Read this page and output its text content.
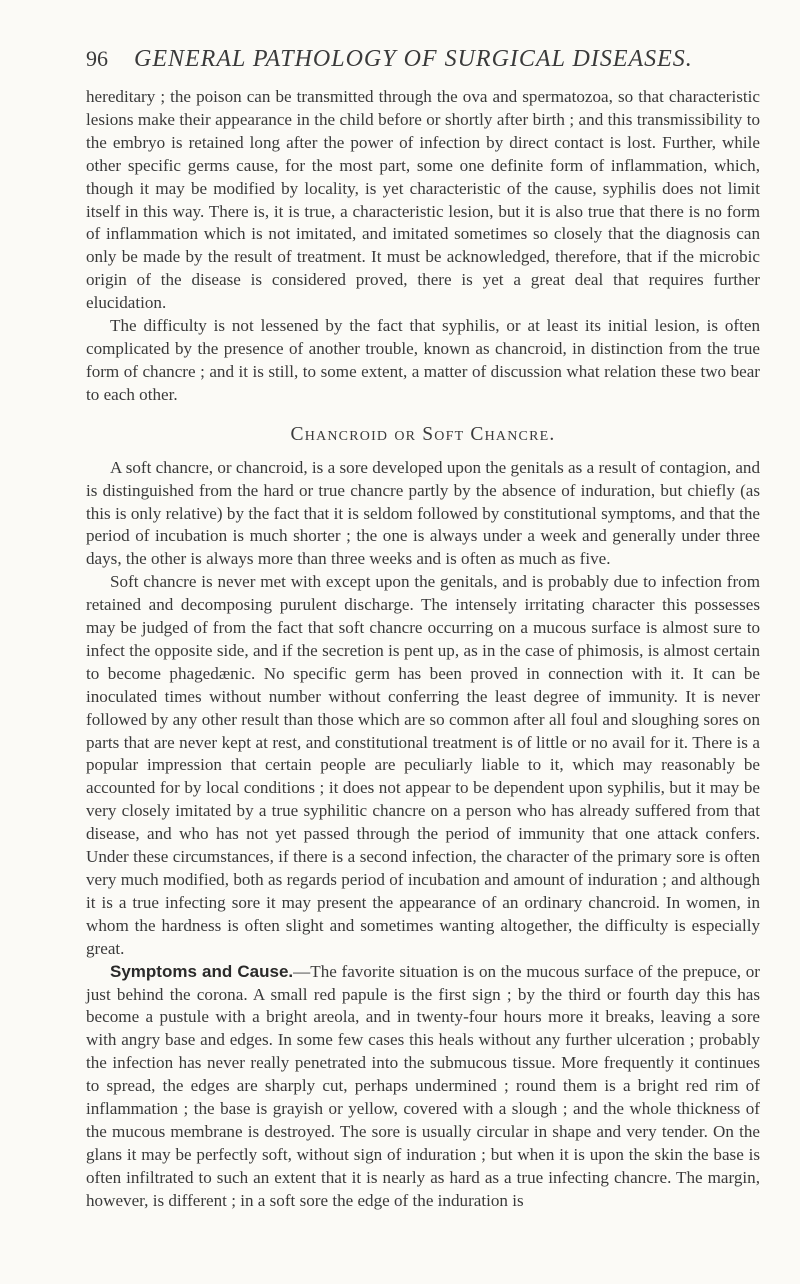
96	GENERAL PATHOLOGY OF SURGICAL DISEASES.

hereditary ; the poison can be transmitted through the ova and spermatozoa, so that characteristic lesions make their appearance in the child before or shortly after birth ; and this transmissibility to the embryo is retained long after the power of infection by direct contact is lost. Further, while other specific germs cause, for the most part, some one definite form of inflammation, which, though it may be modified by locality, is yet characteristic of the cause, syphilis does not limit itself in this way. There is, it is true, a characteristic lesion, but it is also true that there is no form of inflammation which is not imitated, and imitated sometimes so closely that the diagnosis can only be made by the result of treatment. It must be acknowledged, therefore, that if the microbic origin of the disease is considered proved, there is yet a great deal that requires further elucidation.

The difficulty is not lessened by the fact that syphilis, or at least its initial lesion, is often complicated by the presence of another trouble, known as chancroid, in distinction from the true form of chancre ; and it is still, to some extent, a matter of discussion what relation these two bear to each other.

Chancroid or Soft Chancre.

A soft chancre, or chancroid, is a sore developed upon the genitals as a result of contagion, and is distinguished from the hard or true chancre partly by the absence of induration, but chiefly (as this is only relative) by the fact that it is seldom followed by constitutional symptoms, and that the period of incubation is much shorter ; the one is always under a week and generally under three days, the other is always more than three weeks and is often as much as five.

Soft chancre is never met with except upon the genitals, and is probably due to infection from retained and decomposing purulent discharge. The intensely irritating character this possesses may be judged of from the fact that soft chancre occurring on a mucous surface is almost sure to infect the opposite side, and if the secretion is pent up, as in the case of phimosis, is almost certain to become phagedænic. No specific germ has been proved in connection with it. It can be inoculated times without number without conferring the least degree of immunity. It is never followed by any other result than those which are so common after all foul and sloughing sores on parts that are never kept at rest, and constitutional treatment is of little or no avail for it. There is a popular impression that certain people are peculiarly liable to it, which may reasonably be accounted for by local conditions ; it does not appear to be dependent upon syphilis, but it may be very closely imitated by a true syphilitic chancre on a person who has already suffered from that disease, and who has not yet passed through the period of immunity that one attack confers. Under these circumstances, if there is a second infection, the character of the primary sore is often very much modified, both as regards period of incubation and amount of induration ; and although it is a true infecting sore it may present the appearance of an ordinary chancroid. In women, in whom the hardness is often slight and sometimes wanting altogether, the difficulty is especially great.

Symptoms and Cause.—The favorite situation is on the mucous surface of the prepuce, or just behind the corona. A small red papule is the first sign ; by the third or fourth day this has become a pustule with a bright areola, and in twenty-four hours more it breaks, leaving a sore with angry base and edges. In some few cases this heals without any further ulceration ; probably the infection has never really penetrated into the submucous tissue. More frequently it continues to spread, the edges are sharply cut, perhaps undermined ; round them is a bright red rim of inflammation ; the base is grayish or yellow, covered with a slough ; and the whole thickness of the mucous membrane is destroyed. The sore is usually circular in shape and very tender. On the glans it may be perfectly soft, without sign of induration ; but when it is upon the skin the base is often infiltrated to such an extent that it is nearly as hard as a true infecting chancre. The margin, however, is different ; in a soft sore the edge of the induration is
